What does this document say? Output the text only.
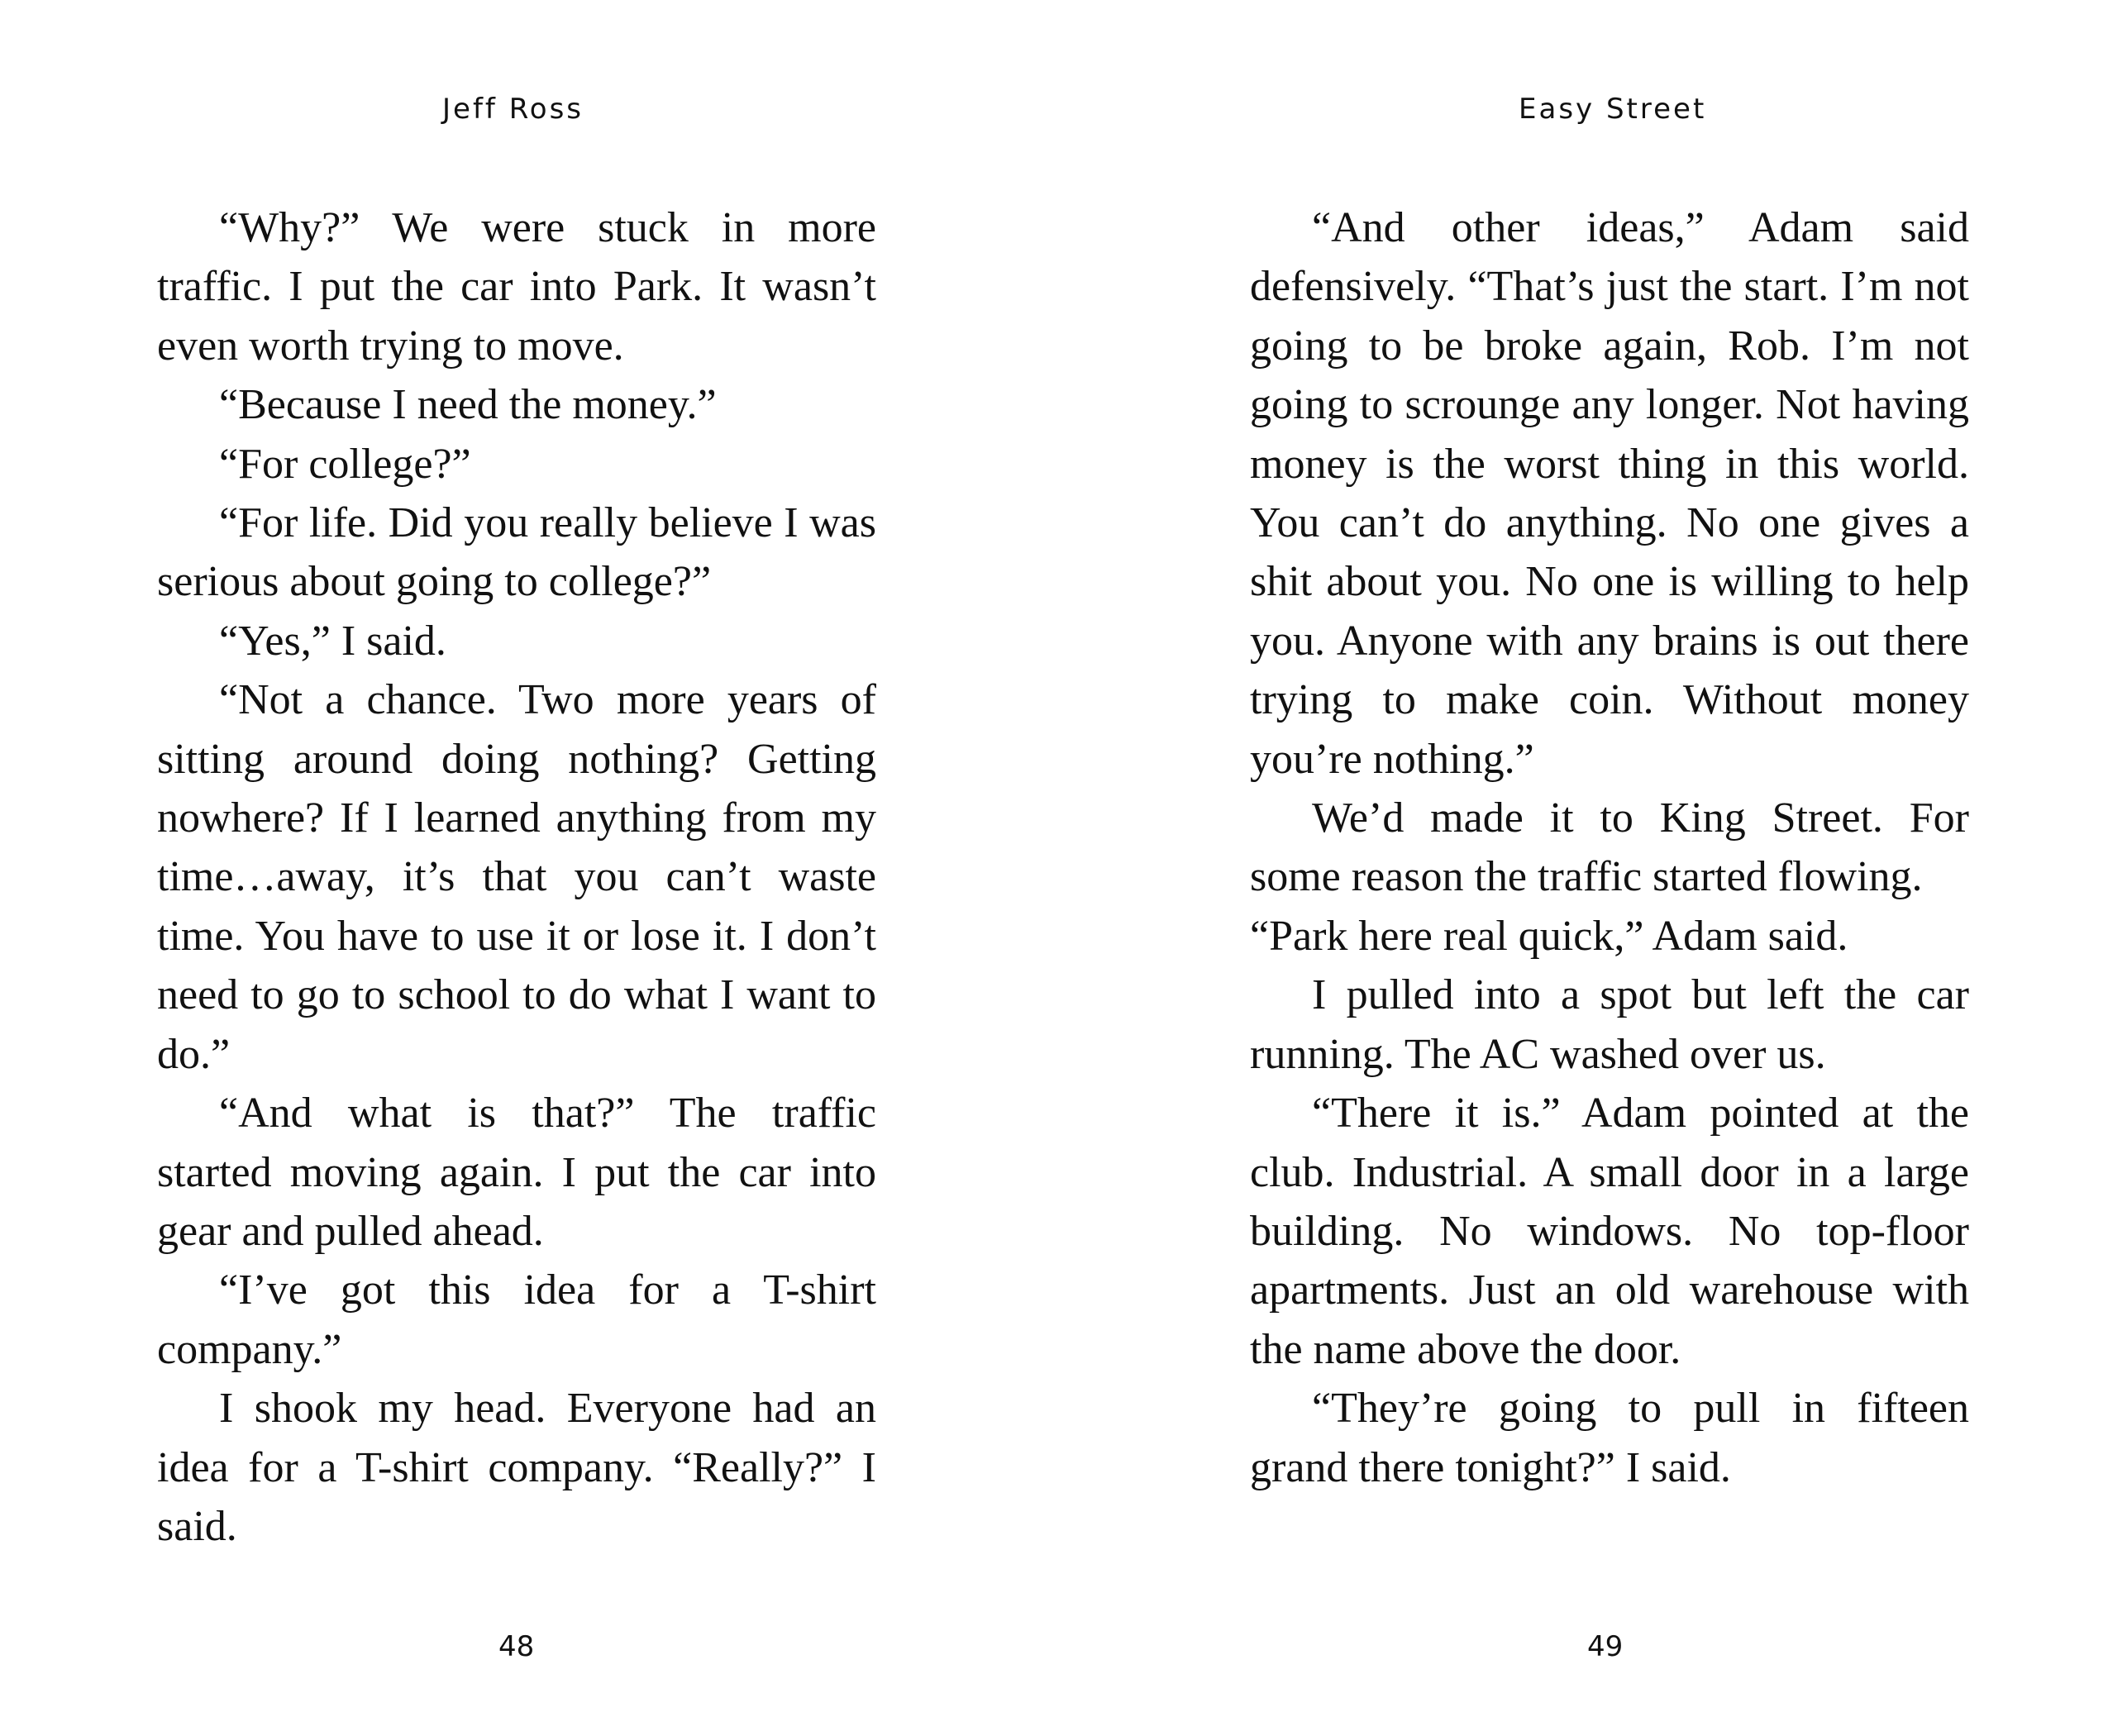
Jeff Ross

“Why?” We were stuck in more traffic. I put the car into Park. It wasn’t even worth trying to move.

“Because I need the money.”

“For college?”

“For life. Did you really believe I was serious about going to college?”

“Yes,” I said.

“Not a chance. Two more years of sitting around doing nothing? Getting nowhere? If I learned anything from my time…away, it’s that you can’t waste time. You have to use it or lose it. I don’t need to go to school to do what I want to do.”

“And what is that?” The traffic started moving again. I put the car into gear and pulled ahead.

“I’ve got this idea for a T-shirt company.”

I shook my head. Everyone had an idea for a T-shirt company. “Really?” I said.

48
Easy Street

“And other ideas,” Adam said defensively. “That’s just the start. I’m not going to be broke again, Rob. I’m not going to scrounge any longer. Not having money is the worst thing in this world. You can’t do anything. No one gives a shit about you. No one is willing to help you. Anyone with any brains is out there trying to make coin. Without money you’re nothing.”

We’d made it to King Street. For some reason the traffic started flowing.

“Park here real quick,” Adam said.

I pulled into a spot but left the car running. The AC washed over us.

“There it is.” Adam pointed at the club. Industrial. A small door in a large building. No windows. No top-floor apartments. Just an old warehouse with the name above the door.

“They’re going to pull in fifteen grand there tonight?” I said.

49
